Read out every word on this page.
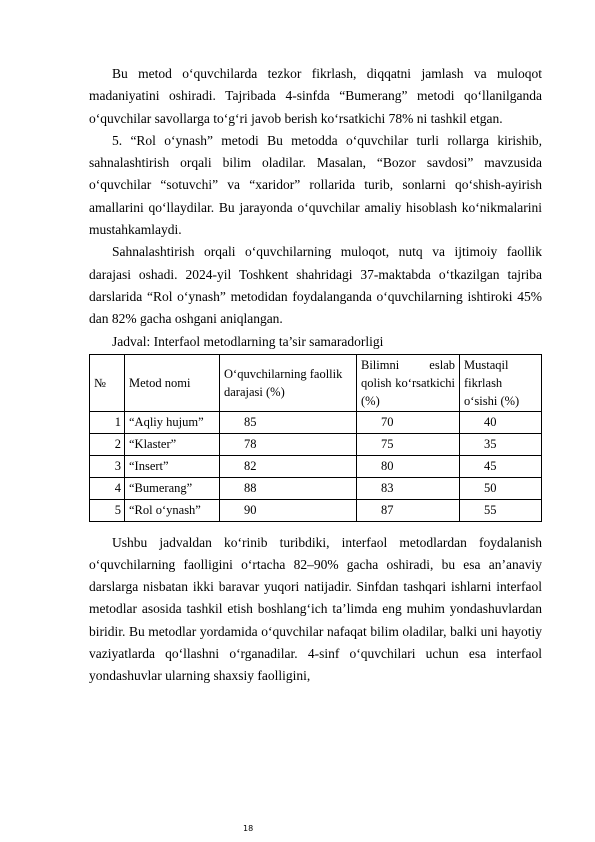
Bu metod o‘quvchilarda tezkor fikrlash, diqqatni jamlash va muloqot madaniyatini oshiradi. Tajribada 4-sinfda “Bumerang” metodi qo‘llanilganda o‘quvchilar savollarga to‘g‘ri javob berish ko‘rsatkichi 78% ni tashkil etgan.

5. “Rol o‘ynash” metodi Bu metodda o‘quvchilar turli rollarga kirishib, sahnalashtirish orqali bilim oladilar. Masalan, “Bozor savdosi” mavzusida o‘quvchilar “sotuvchi” va “xaridor” rollarida turib, sonlarni qo‘shish-ayirish amallarini qo‘llaydilar. Bu jarayonda o‘quvchilar amaliy hisoblash ko‘nikmalarini mustahkamlaydi.

Sahnalashtirish orqali o‘quvchilarning muloqot, nutq va ijtimoiy faollik darajasi oshadi. 2024-yil Toshkent shahridagi 37-maktabda o‘tkazilgan tajriba darslarida “Rol o‘ynash” metodidan foydalanganda o‘quvchilarning ishtiroki 45% dan 82% gacha oshgani aniqlangan.

Jadval: Interfaol metodlarning ta’sir samaradorligi

№	Metod nomi	O‘quvchilarning faollik darajasi (%)	Bilimni eslab qolish ko‘rsatkichi (%)	Mustaqil fikrlash o‘sishi (%)
1	“Aqliy hujum”	85	70	40
2	“Klaster”	78	75	35
3	“Insert”	82	80	45
4	“Bumerang”	88	83	50
5	“Rol o‘ynash”	90	87	55

Ushbu jadvaldan ko‘rinib turibdiki, interfaol metodlardan foydalanish o‘quvchilarning faolligini o‘rtacha 82–90% gacha oshiradi, bu esa an’anaviy darslarga nisbatan ikki baravar yuqori natijadir. Sinfdan tashqari ishlarni interfaol metodlar asosida tashkil etish boshlang‘ich ta’limda eng muhim yondashuvlardan biridir. Bu metodlar yordamida o‘quvchilar nafaqat bilim oladilar, balki uni hayotiy vaziyatlarda qo‘llashni o‘rganadilar. 4-sinf o‘quvchilari uchun esa interfaol yondashuvlar ularning shaxsiy faolligini,

18
